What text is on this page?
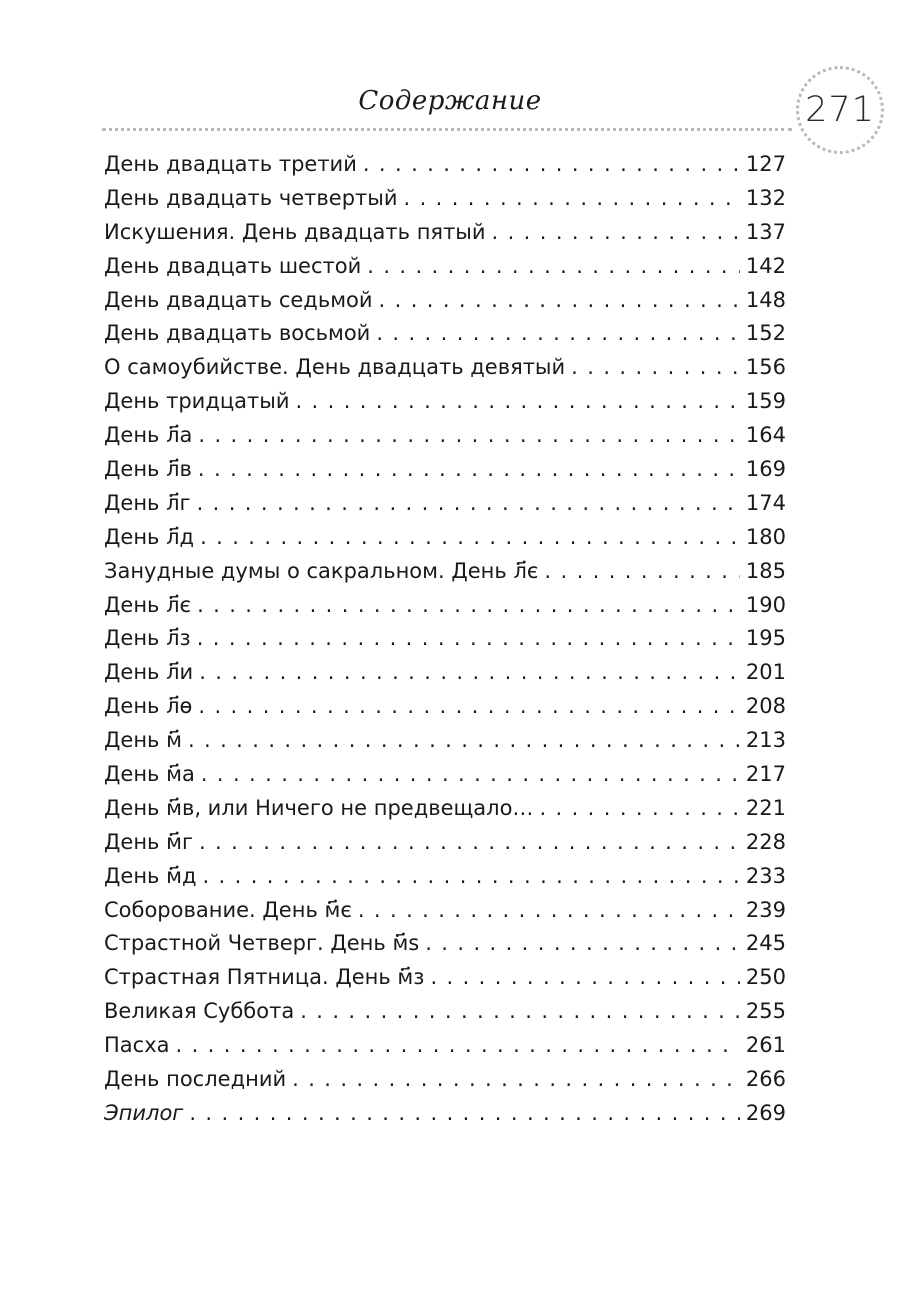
Содержание	271
День двадцать третий .....	127
День двадцать четвертый .....	132
Искушения. День двадцать пятый .....	137
День двадцать шестой .....	142
День двадцать седьмой .....	148
День двадцать восьмой .....	152
О самоубийстве. День двадцать девятый .....	156
День тридцатый .....	159
День л҃а .....	164
День л҃в .....	169
День л҃г .....	174
День л҃д .....	180
Занудные думы о сакральном. День л҃є .....	185
День л҃є .....	190
День л҃з .....	195
День л҃и .....	201
День л҃ѳ .....	208
День м҃ .....	213
День м҃а .....	217
День м҃в, или Ничего не предвещало… .....	221
День м҃г .....	228
День м҃д .....	233
Соборование. День м҃є .....	239
Страстной Четверг. День м҃ѕ .....	245
Страстная Пятница. День м҃з .....	250
Великая Суббота .....	255
Пасха .....	261
День последний .....	266
Эпилог .....	269
